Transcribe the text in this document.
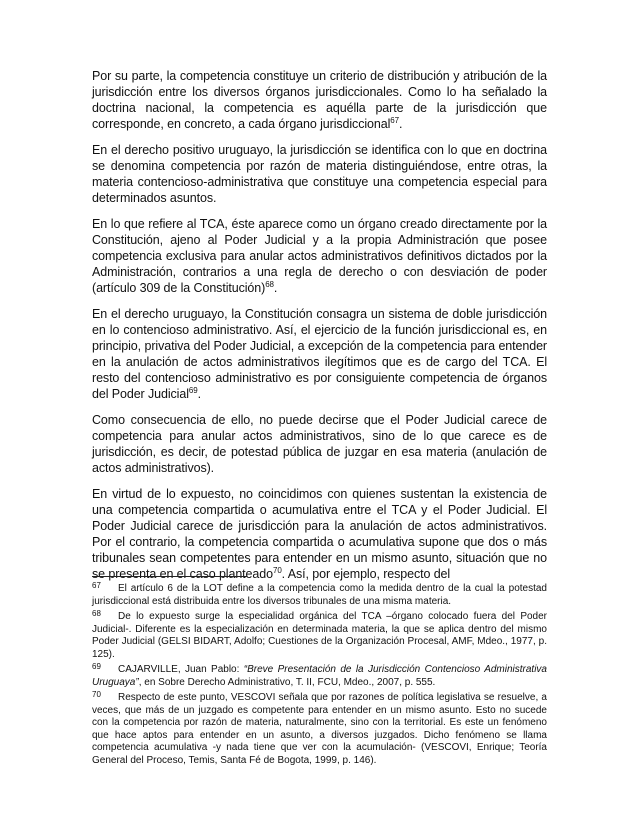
Por su parte, la competencia constituye un criterio de distribución y atribución de la jurisdicción entre los diversos órganos jurisdiccionales. Como lo ha señalado la doctrina nacional, la competencia es aquélla parte de la jurisdicción que corresponde, en concreto, a cada órgano jurisdiccional$^{67}$.

En el derecho positivo uruguayo, la jurisdicción se identifica con lo que en doctrina se denomina competencia por razón de materia distinguiéndose, entre otras, la materia contencioso-administrativa que constituye una competencia especial para determinados asuntos.

En lo que refiere al TCA, éste aparece como un órgano creado directamente por la Constitución, ajeno al Poder Judicial y a la propia Administración que posee competencia exclusiva para anular actos administrativos definitivos dictados por la Administración, contrarios a una regla de derecho o con desviación de poder (artículo 309 de la Constitución)$^{68}$.

En el derecho uruguayo, la Constitución consagra un sistema de doble jurisdicción en lo contencioso administrativo. Así, el ejercicio de la función jurisdiccional es, en principio, privativa del Poder Judicial, a excepción de la competencia para entender en la anulación de actos administrativos ilegítimos que es de cargo del TCA. El resto del contencioso administrativo es por consiguiente competencia de órganos del Poder Judicial$^{69}$.

Como consecuencia de ello, no puede decirse que el Poder Judicial carece de competencia para anular actos administrativos, sino de lo que carece es de jurisdicción, es decir, de potestad pública de juzgar en esa materia (anulación de actos administrativos).

En virtud de lo expuesto, no coincidimos con quienes sustentan la existencia de una competencia compartida o acumulativa entre el TCA y el Poder Judicial. El Poder Judicial carece de jurisdicción para la anulación de actos administrativos. Por el contrario, la competencia compartida o acumulativa supone que dos o más tribunales sean competentes para entender en un mismo asunto, situación que no se presenta en el caso planteado$^{70}$. Así, por ejemplo, respecto del

67 El artículo 6 de la LOT define a la competencia como la medida dentro de la cual la potestad jurisdiccional está distribuida entre los diversos tribunales de una misma materia.

68 De lo expuesto surge la especialidad orgánica del TCA –órgano colocado fuera del Poder Judicial-. Diferente es la especialización en determinada materia, la que se aplica dentro del mismo Poder Judicial (GELSI BIDART, Adolfo; Cuestiones de la Organización Procesal, AMF, Mdeo., 1977, p. 125).

69 CAJARVILLE, Juan Pablo: “Breve Presentación de la Jurisdicción Contencioso Administrativa Uruguaya”, en Sobre Derecho Administrativo, T. II, FCU, Mdeo., 2007, p. 555.

70 Respecto de este punto, VESCOVI señala que por razones de política legislativa se resuelve, a veces, que más de un juzgado es competente para entender en un mismo asunto. Esto no sucede con la competencia por razón de materia, naturalmente, sino con la territorial. Es este un fenómeno que hace aptos para entender en un asunto, a diversos juzgados. Dicho fenómeno se llama competencia acumulativa -y nada tiene que ver con la acumulación- (VESCOVI, Enrique; Teoría General del Proceso, Temis, Santa Fé de Bogota, 1999, p. 146).
